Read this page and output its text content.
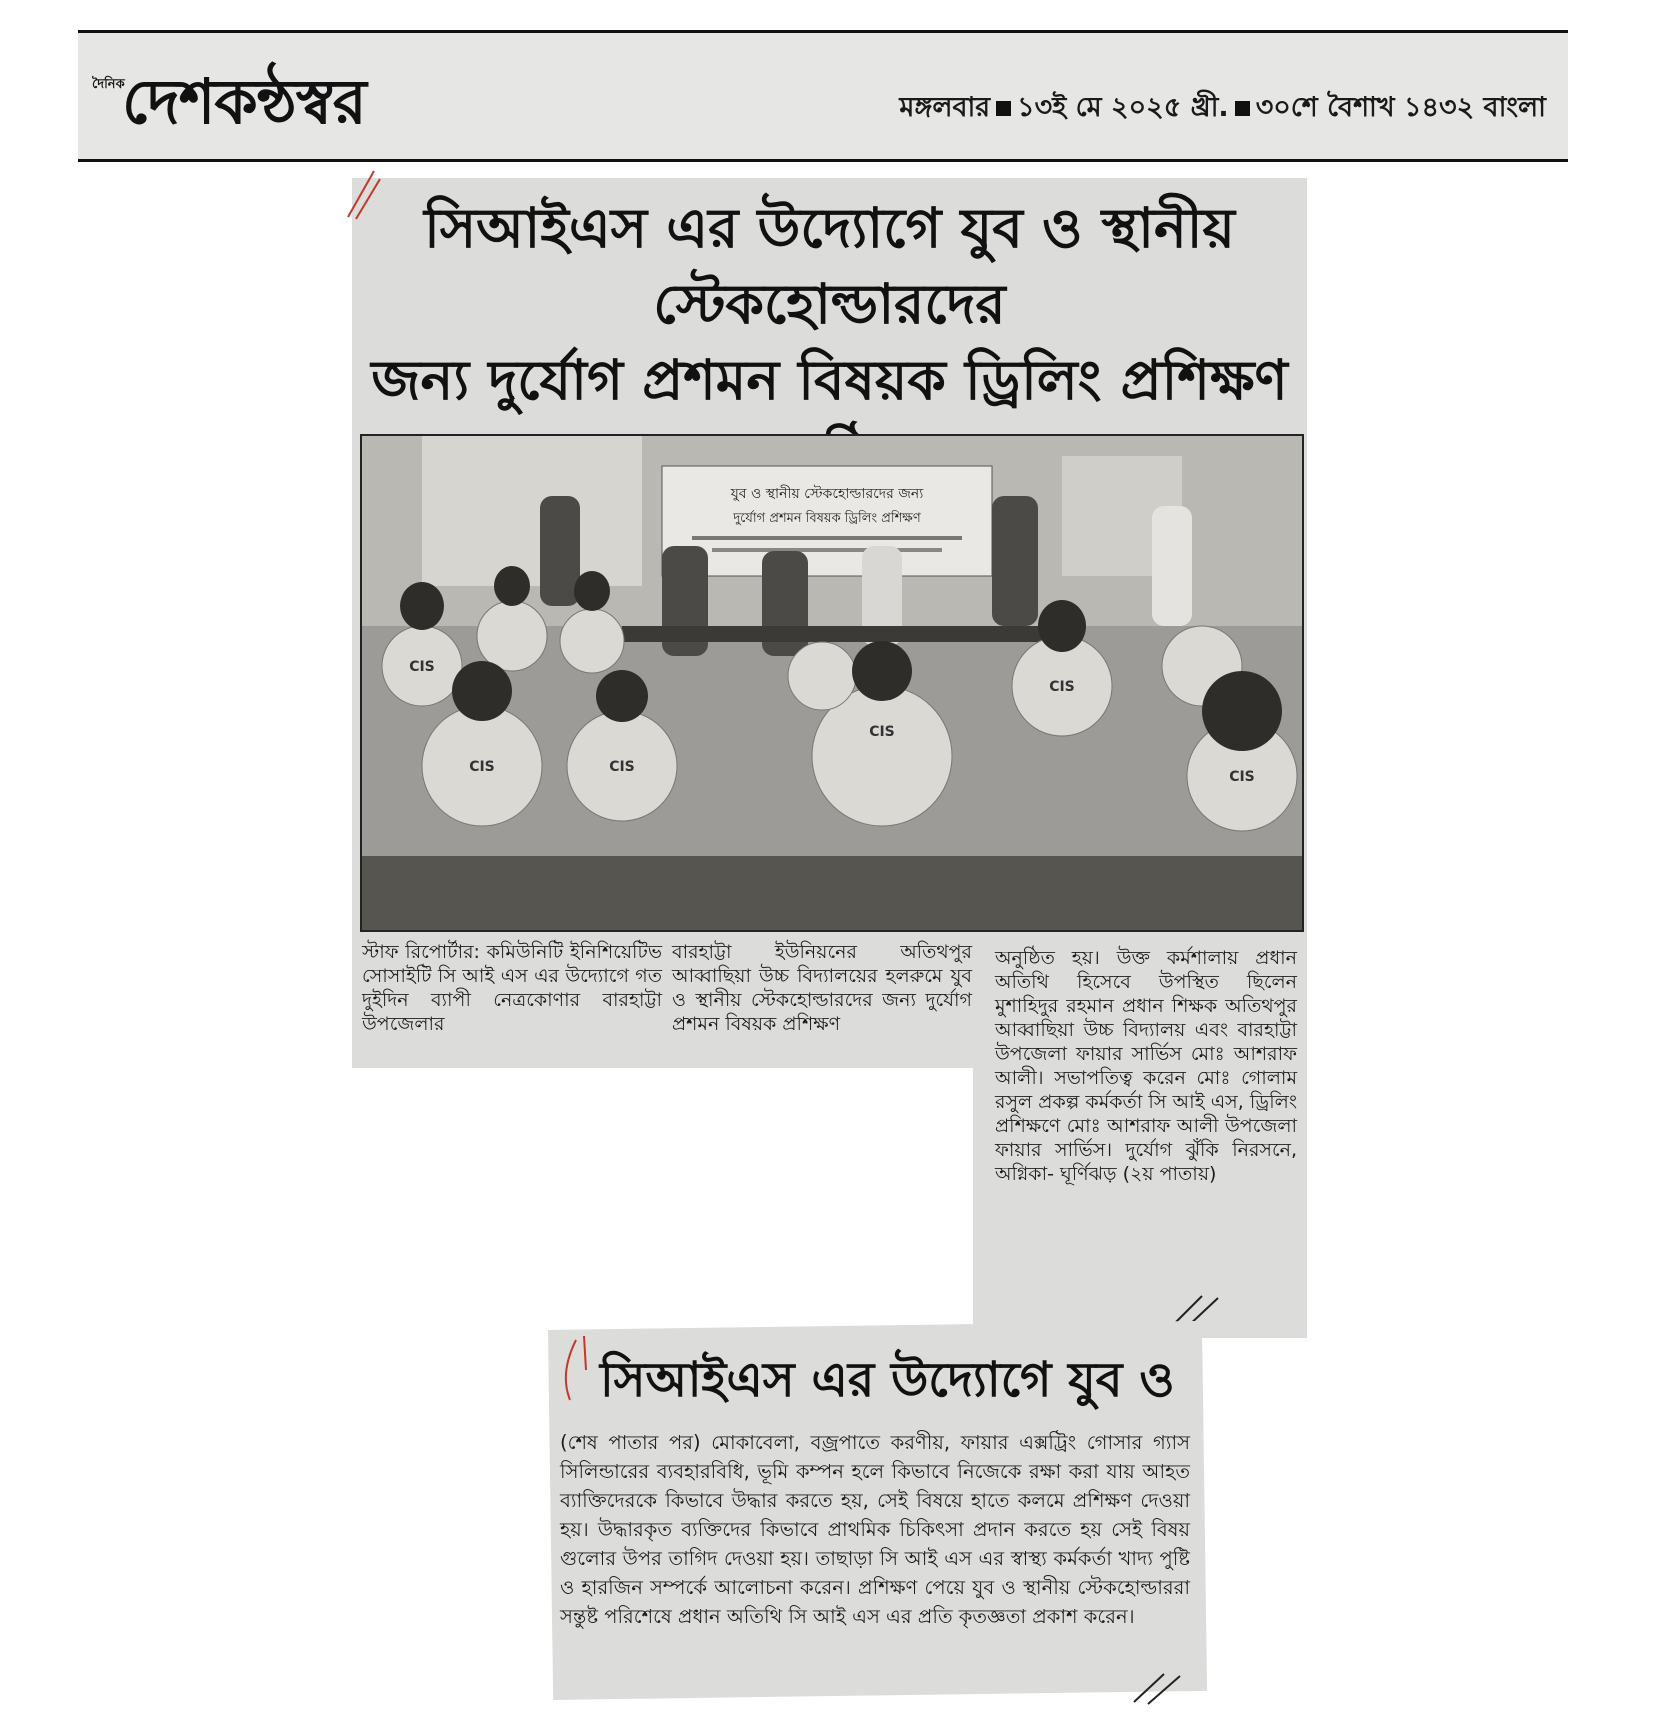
দৈনিক
দেশকন্ঠস্বর	মঙ্গলবার ১৩ই মে ২০২৫ খ্রী. ৩০শে বৈশাখ ১৪৩২ বাংলা
সিআইএস এর উদ্যোগে যুব ও স্থানীয় স্টেকহোল্ডারদের
জন্য দুর্যোগ প্রশমন বিষয়ক ড্রিলিং প্রশিক্ষণ
যুব ও স্থানীয় স্টেকহোল্ডারদের জন্য
দুর্যোগ প্রশমন বিষয়ক ড্রিলিং প্রশিক্ষণ
CIS
CIS	CIS
CIS
CIS
CIS
স্টাফ রিপোর্টার: কমিউনিটি ইনিশিয়েটিভ সোসাইটি সি আই এস এর উদ্যোগে গত দুইদিন ব্যাপী নেত্রকোণার বারহাট্টা উপজেলার
বারহাট্টা ইউনিয়নের অতিথপুর আব্বাছিয়া উচ্চ বিদ্যালয়ের হলরুমে যুব ও স্থানীয় স্টেকহোল্ডারদের জন্য দুর্যোগ প্রশমন বিষয়ক প্রশিক্ষণ
অনুষ্ঠিত হয়। উক্ত কর্মশালায় প্রধান অতিথি হিসেবে উপস্থিত ছিলেন মুশাহিদুর রহমান প্রধান শিক্ষক অতিথপুর আব্বাছিয়া উচ্চ বিদ্যালয় এবং বারহাট্টা উপজেলা ফায়ার সার্ভিস মোঃ আশরাফ আলী। সভাপতিত্ব করেন মোঃ গোলাম রসুল প্রকল্প কর্মকর্তা সি আই এস, ড্রিলিং প্রশিক্ষণে মোঃ আশরাফ আলী উপজেলা ফায়ার সার্ভিস। দুর্যোগ ঝুঁকি নিরসনে, অগ্নিকা- ঘূর্ণিঝড় (২য় পাতায়)
সিআইএস এর উদ্যোগে যুব ও
(শেষ পাতার পর) মোকাবেলা, বজ্রপাতে করণীয়, ফায়ার এক্সট্রিং গোসার গ্যাস সিলিন্ডারের ব্যবহারবিধি, ভূমি কম্পন হলে কিভাবে নিজেকে রক্ষা করা যায় আহত ব্যাক্তিদেরকে কিভাবে উদ্ধার করতে হয়, সেই বিষয়ে হাতে কলমে প্রশিক্ষণ দেওয়া হয়। উদ্ধারকৃত ব্যক্তিদের কিভাবে প্রাথমিক চিকিৎসা প্রদান করতে হয় সেই বিষয় গুলোর উপর তাগিদ দেওয়া হয়। তাছাড়া সি আই এস এর স্বাস্থ্য কর্মকর্তা খাদ্য পুষ্টি ও হারজিন সম্পর্কে আলোচনা করেন। প্রশিক্ষণ পেয়ে যুব ও স্থানীয় স্টেকহোল্ডাররা সন্তুষ্ট পরিশেষে প্রধান অতিথি সি আই এস এর প্রতি কৃতজ্ঞতা প্রকাশ করেন।
